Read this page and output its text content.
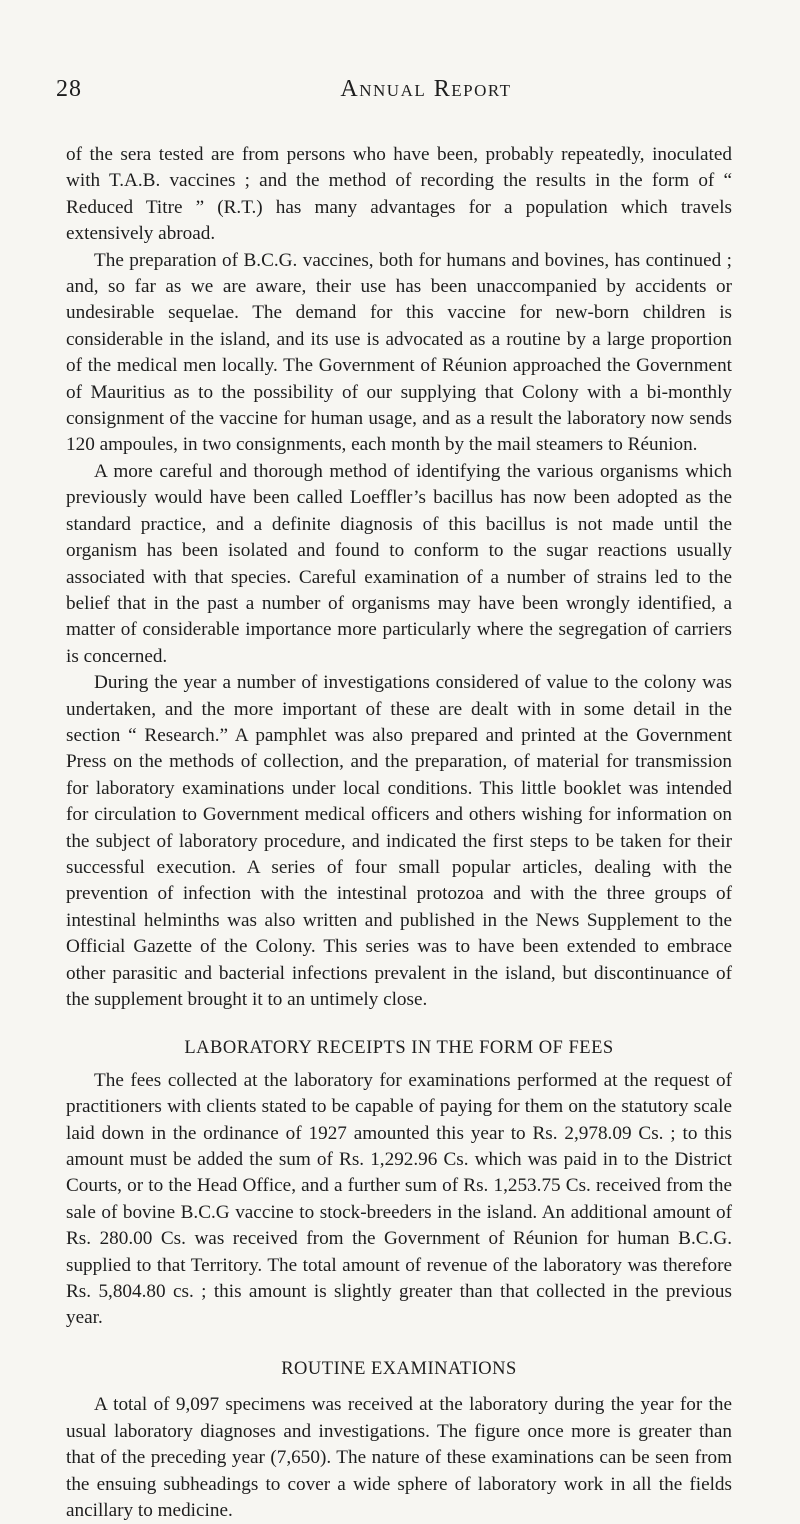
28	Annual Report

of the sera tested are from persons who have been, probably repeatedly, inoculated with T.A.B. vaccines ; and the method of recording the results in the form of “ Reduced Titre ” (R.T.) has many advantages for a population which travels extensively abroad.

The preparation of B.C.G. vaccines, both for humans and bovines, has continued ; and, so far as we are aware, their use has been unaccompanied by accidents or undesirable sequelae. The demand for this vaccine for new-born children is considerable in the island, and its use is advocated as a routine by a large proportion of the medical men locally. The Government of Réunion approached the Government of Mauritius as to the possibility of our supplying that Colony with a bi-monthly consignment of the vaccine for human usage, and as a result the laboratory now sends 120 ampoules, in two consignments, each month by the mail steamers to Réunion.

A more careful and thorough method of identifying the various organisms which previously would have been called Loeffler’s bacillus has now been adopted as the standard practice, and a definite diagnosis of this bacillus is not made until the organism has been isolated and found to conform to the sugar reactions usually associated with that species. Careful examination of a number of strains led to the belief that in the past a number of organisms may have been wrongly identified, a matter of considerable importance more particularly where the segregation of carriers is concerned.

During the year a number of investigations considered of value to the colony was undertaken, and the more important of these are dealt with in some detail in the section “ Research.” A pamphlet was also prepared and printed at the Government Press on the methods of collection, and the preparation, of material for transmission for laboratory examinations under local conditions. This little booklet was intended for circulation to Government medical officers and others wishing for information on the subject of laboratory procedure, and indicated the first steps to be taken for their successful execution. A series of four small popular articles, dealing with the prevention of infection with the intestinal protozoa and with the three groups of intestinal helminths was also written and published in the News Supplement to the Official Gazette of the Colony. This series was to have been extended to embrace other parasitic and bacterial infections prevalent in the island, but discontinuance of the supplement brought it to an untimely close.

LABORATORY RECEIPTS IN THE FORM OF FEES

The fees collected at the laboratory for examinations performed at the request of practitioners with clients stated to be capable of paying for them on the statutory scale laid down in the ordinance of 1927 amounted this year to Rs. 2,978.09 Cs. ; to this amount must be added the sum of Rs. 1,292.96 Cs. which was paid in to the District Courts, or to the Head Office, and a further sum of Rs. 1,253.75 Cs. received from the sale of bovine B.C.G vaccine to stock-breeders in the island. An additional amount of Rs. 280.00 Cs. was received from the Government of Réunion for human B.C.G. supplied to that Territory. The total amount of revenue of the laboratory was therefore Rs. 5,804.80 cs. ; this amount is slightly greater than that collected in the previous year.

ROUTINE EXAMINATIONS

A total of 9,097 specimens was received at the laboratory during the year for the usual laboratory diagnoses and investigations. The figure once more is greater than that of the preceding year (7,650). The nature of these examinations can be seen from the ensuing subheadings to cover a wide sphere of laboratory work in all the fields ancillary to medicine.
